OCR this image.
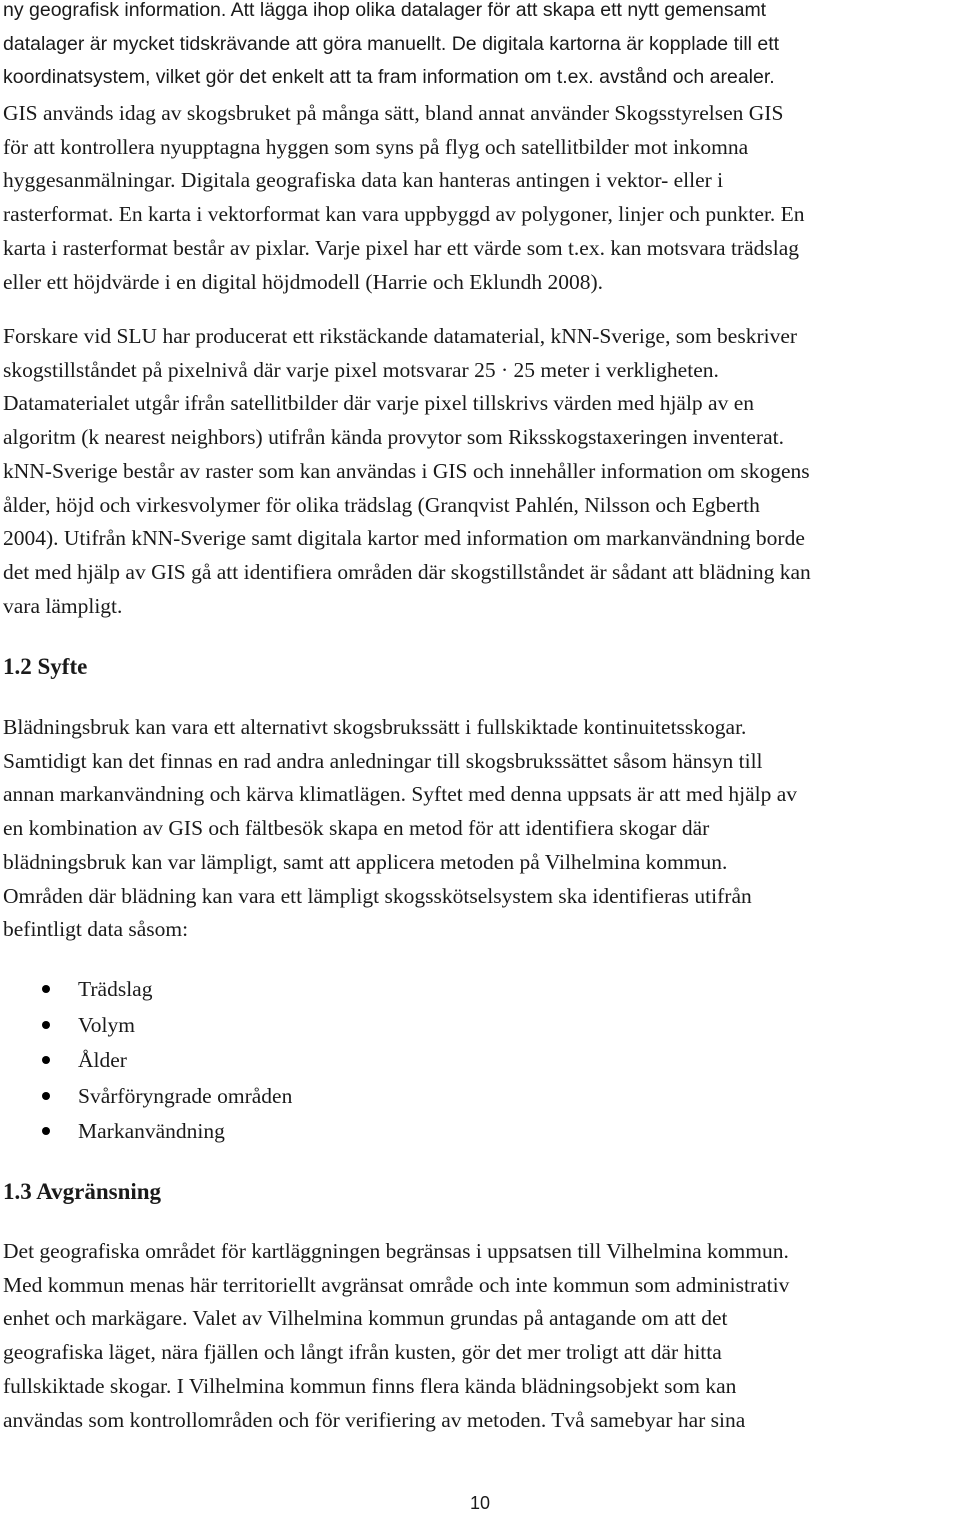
ny geografisk information. Att lägga ihop olika datalager för att skapa ett nytt gemensamt
datalager är mycket tidskrävande att göra manuellt. De digitala kartorna är kopplade till ett
koordinatsystem, vilket gör det enkelt att ta fram information om t.ex. avstånd och arealer.

GIS används idag av skogsbruket på många sätt, bland annat använder Skogsstyrelsen GIS
för att kontrollera nyupptagna hyggen som syns på flyg och satellitbilder mot inkomna
hyggesanmälningar. Digitala geografiska data kan hanteras antingen i vektor- eller i
rasterformat. En karta i vektorformat kan vara uppbyggd av polygoner, linjer och punkter. En
karta i rasterformat består av pixlar. Varje pixel har ett värde som t.ex. kan motsvara trädslag
eller ett höjdvärde i en digital höjdmodell (Harrie och Eklundh 2008).

Forskare vid SLU har producerat ett rikstäckande datamaterial, kNN-Sverige, som beskriver
skogstillståndet på pixelnivå där varje pixel motsvarar 25 · 25 meter i verkligheten.
Datamaterialet utgår ifrån satellitbilder där varje pixel tillskrivs värden med hjälp av en
algoritm (k nearest neighbors) utifrån kända provytor som Riksskogstaxeringen inventerat.
kNN-Sverige består av raster som kan användas i GIS och innehåller information om skogens
ålder, höjd och virkesvolymer för olika trädslag (Granqvist Pahlén, Nilsson och Egberth
2004). Utifrån kNN-Sverige samt digitala kartor med information om markanvändning borde
det med hjälp av GIS gå att identifiera områden där skogstillståndet är sådant att blädning kan
vara lämpligt.

1.2 Syfte

Blädningsbruk kan vara ett alternativt skogsbrukssätt i fullskiktade kontinuitetsskogar.
Samtidigt kan det finnas en rad andra anledningar till skogsbrukssättet såsom hänsyn till
annan markanvändning och kärva klimatlägen. Syftet med denna uppsats är att med hjälp av
en kombination av GIS och fältbesök skapa en metod för att identifiera skogar där
blädningsbruk kan var lämpligt, samt att applicera metoden på Vilhelmina kommun.
Områden där blädning kan vara ett lämpligt skogsskötselsystem ska identifieras utifrån
befintligt data såsom:

Trädslag
Volym
Ålder
Svårföryngrade områden
Markanvändning
1.3 Avgränsning

Det geografiska området för kartläggningen begränsas i uppsatsen till Vilhelmina kommun.
Med kommun menas här territoriellt avgränsat område och inte kommun som administrativ
enhet och markägare. Valet av Vilhelmina kommun grundas på antagande om att det
geografiska läget, nära fjällen och långt ifrån kusten, gör det mer troligt att där hitta
fullskiktade skogar. I Vilhelmina kommun finns flera kända blädningsobjekt som kan
användas som kontrollområden och för verifiering av metoden. Två samebyar har sina

10
